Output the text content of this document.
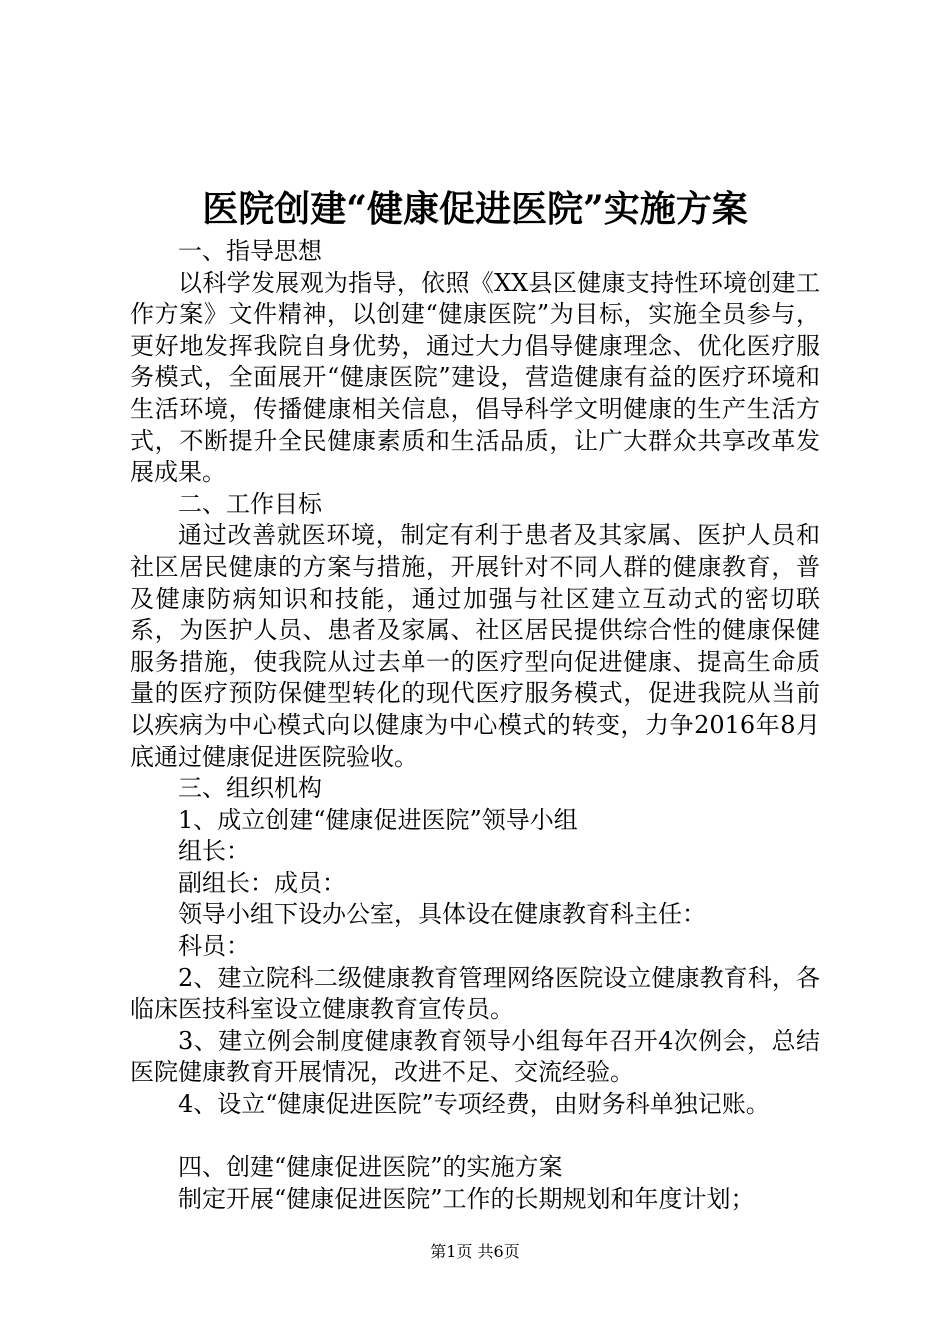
医院创建“健康促进医院”实施方案

一、指导思想

以科学发展观为指导，依照《XX县区健康支持性环境创建工作方案》文件精神，以创建“健康医院”为目标，实施全员参与，更好地发挥我院自身优势，通过大力倡导健康理念、优化医疗服务模式，全面展开“健康医院”建设，营造健康有益的医疗环境和生活环境，传播健康相关信息，倡导科学文明健康的生产生活方式，不断提升全民健康素质和生活品质，让广大群众共享改革发展成果。

二、工作目标

通过改善就医环境，制定有利于患者及其家属、医护人员和社区居民健康的方案与措施，开展针对不同人群的健康教育，普及健康防病知识和技能，通过加强与社区建立互动式的密切联系，为医护人员、患者及家属、社区居民提供综合性的健康保健服务措施，使我院从过去单一的医疗型向促进健康、提高生命质量的医疗预防保健型转化的现代医疗服务模式，促进我院从当前以疾病为中心模式向以健康为中心模式的转变，力争2016年8月底通过健康促进医院验收。

三、组织机构

1、成立创建“健康促进医院”领导小组

组长：

副组长：成员：

领导小组下设办公室，具体设在健康教育科主任：

科员：

2、建立院科二级健康教育管理网络医院设立健康教育科，各临床医技科室设立健康教育宣传员。

3、建立例会制度健康教育领导小组每年召开4次例会，总结医院健康教育开展情况，改进不足、交流经验。

4、设立“健康促进医院”专项经费，由财务科单独记账。

四、创建“健康促进医院”的实施方案

制定开展“健康促进医院”工作的长期规划和年度计划；

第1页 共6页
